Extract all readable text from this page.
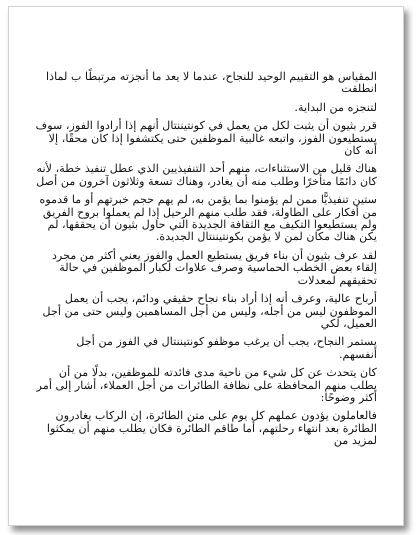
المقياس هو التقييم الوحيد للنجاح، عندما لا يعد ما أنجزته مرتبطًا ب لماذا انطلقت

لتنجزه من البداية.

قرر بثيون أن يثبت لكل من يعمل في كونتيننتال أنهم إذا أرادوا الفوز، سوف يستطيعون الفوز، واتبعه غالبية الموظفين حتى يكتشفوا إذا كان محقًا، إلا أنه كان

هناك قليل من الاستثناءات، منهم أحد التنفيذيين الذي عطل تنفيذ خطة، لأنه كان دائمًا متأخرًا وطلب منه أن يغادر، وهناك تسعة وثلاثون آخرون من أصل

ستين تنفيذيًّا ممن لم يؤمنوا بما يؤمن به، لم يهم حجم خبرتهم أو ما قدموه من أفكار على الطاولة، فقد طلب منهم الرحيل إذا لم يعملوا بروح الفريق ولم يستطيعوا التكيف مع الثقافة الجديدة التي حاول بثيون أن يحققها، لم يكن هناك مكان لمن لا يؤمن بكونتيننتال الجديدة.

لقد عرف بثيون أن بناء فريق يستطيع العمل والفوز يعني أكثر من مجرد إلقاء بعض الخطب الحماسية وصرف علاوات لكبار الموظفين في حالة تحقيقهم لمعدلات

أرباح عالية، وعرف أنه إذا أراد بناء نجاح حقيقي ودائم، يجب أن يعمل الموظفون ليس من أجله، وليس من أجل المساهمين وليس حتى من أجل العميل، لكي

يستمر النجاح، يجب أن يرغب موظفو كونتيننتال في الفوز من أجل أنفسهم.

كان يتحدث عن كل شيء من ناحية مدى فائدته للموظفين، بدلًا من أن يطلب منهم المحافظة على نظافة الطائرات من أجل العملاء، أشار إلى أمر أكثر وضوحًا:

فالعاملون يؤدون عملهم كل يوم على متن الطائرة، إن الركاب يغادرون الطائرة بعد انتهاء رحلتهم، أما طاقم الطائرة فكان يطلب منهم أن يمكثوا لمزيد من
